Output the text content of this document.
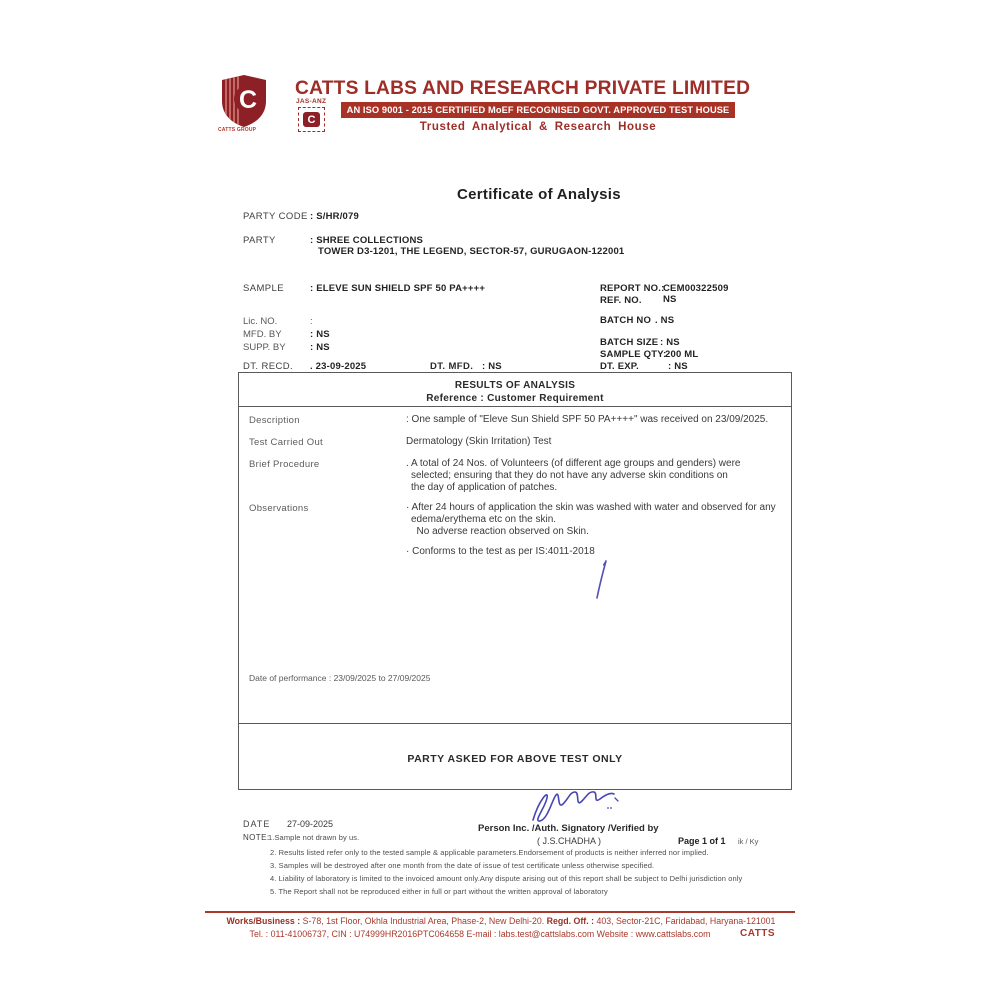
C
CATTS GROUP
CATTS LABS AND RESEARCH PRIVATE LIMITED
JAS-ANZ
C
AN ISO 9001 - 2015 CERTIFIED MoEF RECOGNISED GOVT. APPROVED TEST HOUSE
Trusted Analytical & Research House
Certificate of Analysis
PARTY CODE : S/HR/079
PARTY	: SHREE COLLECTIONS
TOWER D3-1201, THE LEGEND, SECTOR-57, GURUGAON-122001
SAMPLE	: ELEVE SUN SHIELD SPF 50 PA++++
Lic. NO.	:
MFD. BY	: NS
SUPP. BY	: NS
DT. RECD. . 23-09-2025	DT. MFD. : NS
REPORT NO.:
CEM00322509
REF. NO. NS
BATCH NO . NS
BATCH SIZE : NS
SAMPLE QTY:
200 ML
DT. EXP.	: NS
RESULTS OF ANALYSIS
Reference : Customer Requirement
Description	: One sample of "Eleve Sun Shield SPF 50 PA++++" was received on 23/09/2025.
Test Carried Out	Dermatology (Skin Irritation) Test
Brief Procedure	. A total of 24 Nos. of Volunteers (of different age groups and genders) were
selected; ensuring that they do not have any adverse skin conditions on
the day of application of patches.
Observations	· After 24 hours of application the skin was washed with water and observed for any
edema/erythema etc on the skin.
No adverse reaction observed on Skin.
· Conforms to the test as per IS:4011-2018
Date of performance : 23/09/2025 to 27/09/2025
PARTY ASKED FOR ABOVE TEST ONLY
DATE 27-09-2025	Person Inc. /Auth. Signatory /Verified by
( J.S.CHADHA )	Page 1 of 1 ik / Ky
NOTE:
1.Sample not drawn by us.
2. Results listed refer only to the tested sample & applicable parameters.Endorsement of products is neither inferred nor implied.
3. Samples will be destroyed after one month from the date of issue of test certificate unless otherwise specified.
4. Liability of laboratory is limited to the invoiced amount only.Any dispute arising out of this report shall be subject to Delhi jurisdiction only
5. The Report shall not be reproduced either in full or part without the written approval of laboratory
Works/Business : S-78, 1st Floor, Okhla Industrial Area, Phase-2, New Delhi-20. Regd. Off. : 403, Sector-21C, Faridabad, Haryana-121001
Tel. : 011-41006737, CIN : U74999HR2016PTC064658 E-mail : labs.test@cattslabs.com Website : www.cattslabs.com	CATTS
